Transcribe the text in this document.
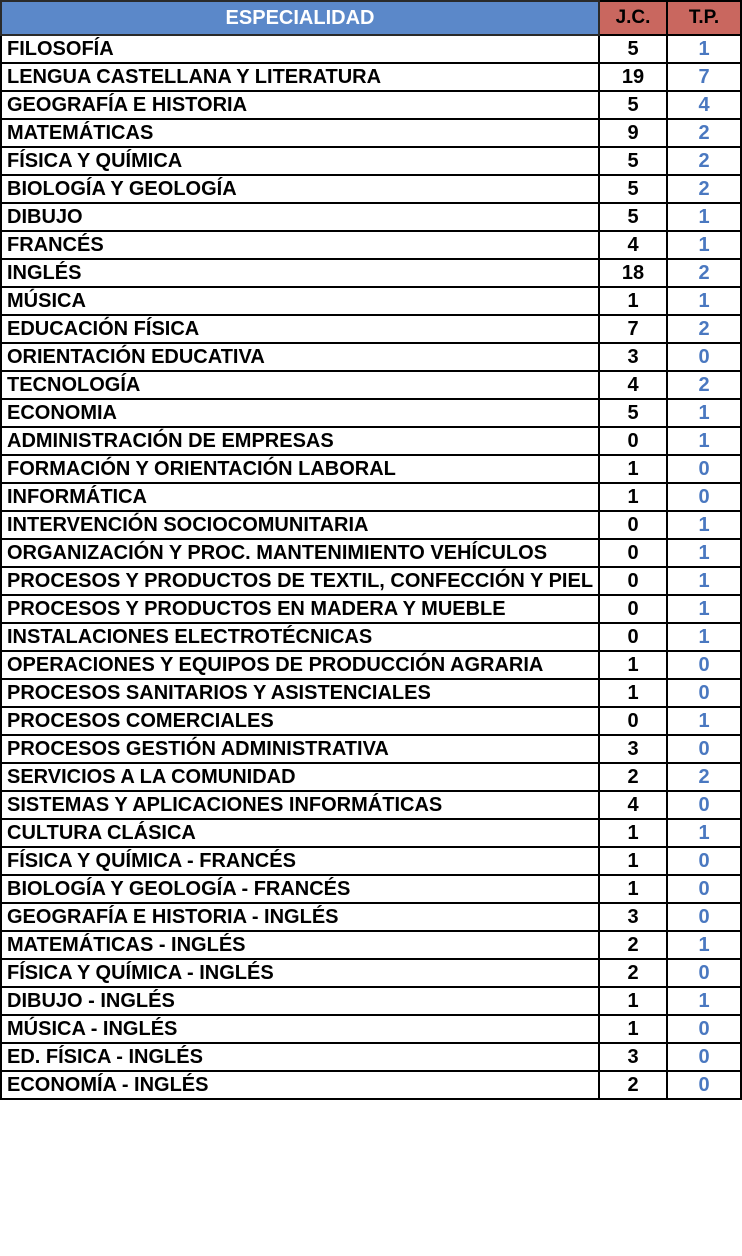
ESPECIALIDAD	J.C.	T.P.
FILOSOFÍA	5	1
LENGUA CASTELLANA Y LITERATURA	19	7
GEOGRAFÍA E HISTORIA	5	4
MATEMÁTICAS	9	2
FÍSICA Y QUÍMICA	5	2
BIOLOGÍA Y GEOLOGÍA	5	2
DIBUJO	5	1
FRANCÉS	4	1
INGLÉS	18	2
MÚSICA	1	1
EDUCACIÓN FÍSICA	7	2
ORIENTACIÓN EDUCATIVA	3	0
TECNOLOGÍA	4	2
ECONOMIA	5	1
ADMINISTRACIÓN DE EMPRESAS	0	1
FORMACIÓN Y ORIENTACIÓN LABORAL	1	0
INFORMÁTICA	1	0
INTERVENCIÓN SOCIOCOMUNITARIA	0	1
ORGANIZACIÓN Y PROC. MANTENIMIENTO VEHÍCULOS	0	1
PROCESOS Y PRODUCTOS DE TEXTIL, CONFECCIÓN Y PIEL	0	1
PROCESOS Y PRODUCTOS EN MADERA Y MUEBLE	0	1
INSTALACIONES ELECTROTÉCNICAS	0	1
OPERACIONES Y EQUIPOS DE PRODUCCIÓN AGRARIA	1	0
PROCESOS SANITARIOS Y ASISTENCIALES	1	0
PROCESOS COMERCIALES	0	1
PROCESOS GESTIÓN ADMINISTRATIVA	3	0
SERVICIOS A LA COMUNIDAD	2	2
SISTEMAS Y APLICACIONES INFORMÁTICAS	4	0
CULTURA CLÁSICA	1	1
FÍSICA Y QUÍMICA - FRANCÉS	1	0
BIOLOGÍA Y GEOLOGÍA - FRANCÉS	1	0
GEOGRAFÍA E HISTORIA - INGLÉS	3	0
MATEMÁTICAS - INGLÉS	2	1
FÍSICA Y QUÍMICA - INGLÉS	2	0
DIBUJO - INGLÉS	1	1
MÚSICA - INGLÉS	1	0
ED. FÍSICA - INGLÉS	3	0
ECONOMÍA - INGLÉS	2	0
